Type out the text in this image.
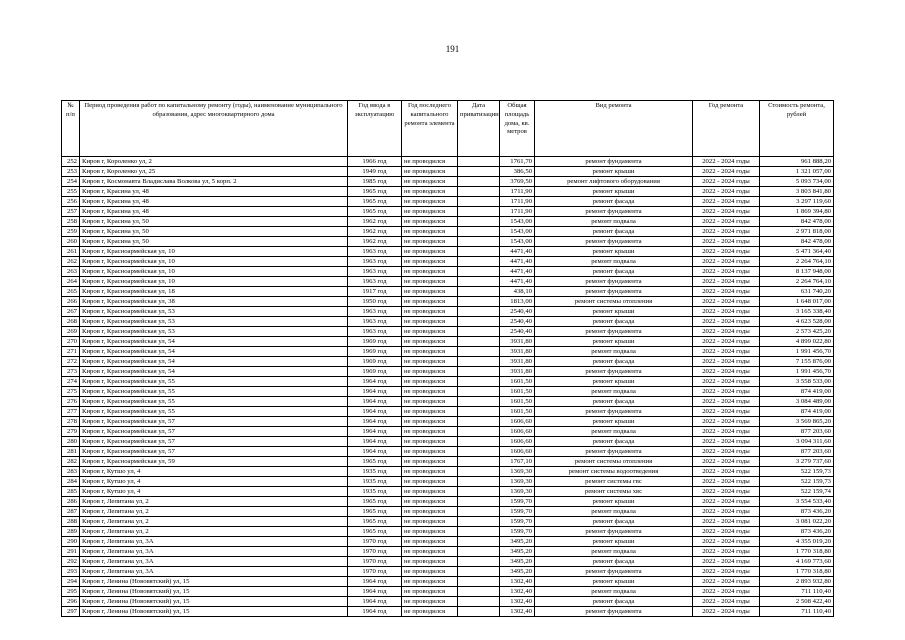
191
№ п/п	Период проведения работ по капитальному ремонту (годы), наименование муниципального образования, адрес многоквартирного дома	Год ввода в эксплуатацию	Год последнего капитального ремонта элемента	Дата приватизации	Общая площадь дома, кв. метров	Вид ремонта	Год ремонта	Стоимость ремонта, рублей
252	Киров г, Короленко ул, 2	1966 год	не проводился		1761,70	ремонт фундамента	2022 - 2024 годы	961 888,20
253	Киров г, Короленко ул, 25	1949 год	не проводился		386,50	ремонт крыши	2022 - 2024 годы	1 321 057,00
254	Киров г, Космонавта Владислава Волкова ул, 5 корп. 2	1985 год	не проводился		3769,50	ремонт лифтового оборудования	2022 - 2024 годы	5 093 734,00
255	Киров г, Красина ул, 48	1965 год	не проводился		1711,90	ремонт крыши	2022 - 2024 годы	3 803 841,80
256	Киров г, Красина ул, 48	1965 год	не проводился		1711,90	ремонт фасада	2022 - 2024 годы	3 297 119,60
257	Киров г, Красина ул, 48	1965 год	не проводился		1711,90	ремонт фундамента	2022 - 2024 годы	1 869 394,80
258	Киров г, Красина ул, 50	1962 год	не проводился		1543,00	ремонт подвала	2022 - 2024 годы	842 478,00
259	Киров г, Красина ул, 50	1962 год	не проводился		1543,00	ремонт фасада	2022 - 2024 годы	2 971 818,00
260	Киров г, Красина ул, 50	1962 год	не проводился		1543,00	ремонт фундамента	2022 - 2024 годы	842 478,00
261	Киров г, Красноармейская ул, 10	1963 год	не проводился		4471,40	ремонт крыши	2022 - 2024 годы	5 471 364,40
262	Киров г, Красноармейская ул, 10	1963 год	не проводился		4471,40	ремонт подвала	2022 - 2024 годы	2 264 764,10
263	Киров г, Красноармейская ул, 10	1963 год	не проводился		4471,40	ремонт фасада	2022 - 2024 годы	8 137 948,00
264	Киров г, Красноармейская ул, 10	1963 год	не проводился		4471,40	ремонт фундамента	2022 - 2024 годы	2 264 764,10
265	Киров г, Красноармейская ул, 18	1917 год	не проводился		438,10	ремонт фундамента	2022 - 2024 годы	631 740,20
266	Киров г, Красноармейская ул, 38	1950 год	не проводился		1813,00	ремонт системы отопления	2022 - 2024 годы	1 648 017,00
267	Киров г, Красноармейская ул, 53	1963 год	не проводился		2540,40	ремонт крыши	2022 - 2024 годы	3 165 338,40
268	Киров г, Красноармейская ул, 53	1963 год	не проводился		2540,40	ремонт фасада	2022 - 2024 годы	4 623 528,00
269	Киров г, Красноармейская ул, 53	1963 год	не проводился		2540,40	ремонт фундамента	2022 - 2024 годы	2 573 425,20
270	Киров г, Красноармейская ул, 54	1969 год	не проводился		3931,80	ремонт крыши	2022 - 2024 годы	4 899 022,80
271	Киров г, Красноармейская ул, 54	1969 год	не проводился		3931,80	ремонт подвала	2022 - 2024 годы	1 991 456,70
272	Киров г, Красноармейская ул, 54	1969 год	не проводился		3931,80	ремонт фасада	2022 - 2024 годы	7 155 876,00
273	Киров г, Красноармейская ул, 54	1969 год	не проводился		3931,80	ремонт фундамента	2022 - 2024 годы	1 991 456,70
274	Киров г, Красноармейская ул, 55	1964 год	не проводился		1601,50	ремонт крыши	2022 - 2024 годы	3 558 533,00
275	Киров г, Красноармейская ул, 55	1964 год	не проводился		1601,50	ремонт подвала	2022 - 2024 годы	874 419,00
276	Киров г, Красноармейская ул, 55	1964 год	не проводился		1601,50	ремонт фасада	2022 - 2024 годы	3 084 489,00
277	Киров г, Красноармейская ул, 55	1964 год	не проводился		1601,50	ремонт фундамента	2022 - 2024 годы	874 419,00
278	Киров г, Красноармейская ул, 57	1964 год	не проводился		1606,60	ремонт крыши	2022 - 2024 годы	3 569 865,20
279	Киров г, Красноармейская ул, 57	1964 год	не проводился		1606,60	ремонт подвала	2022 - 2024 годы	877 203,60
280	Киров г, Красноармейская ул, 57	1964 год	не проводился		1606,60	ремонт фасада	2022 - 2024 годы	3 094 311,60
281	Киров г, Красноармейская ул, 57	1964 год	не проводился		1606,60	ремонт фундамента	2022 - 2024 годы	877 203,60
282	Киров г, Красноармейская ул, 59	1965 год	не проводился		1767,10	ремонт системы отопления	2022 - 2024 годы	3 279 737,60
283	Киров г, Кутшо ул, 4	1935 год	не проводился		1369,30	ремонт системы водоотведения	2022 - 2024 годы	522 159,73
284	Киров г, Кутшо ул, 4	1935 год	не проводился		1369,30	ремонт системы гвс	2022 - 2024 годы	522 159,73
285	Киров г, Кутшо ул, 4	1935 год	не проводился		1369,30	ремонт системы хвс	2022 - 2024 годы	522 159,74
286	Киров г, Лепитана ул, 2	1965 год	не проводился		1599,70	ремонт крыши	2022 - 2024 годы	3 554 533,40
287	Киров г, Лепитана ул, 2	1965 год	не проводился		1599,70	ремонт подвала	2022 - 2024 годы	873 436,20
288	Киров г, Лепитана ул, 2	1965 год	не проводился		1599,70	ремонт фасада	2022 - 2024 годы	3 081 022,20
289	Киров г, Лепитана ул, 2	1965 год	не проводился		1599,70	ремонт фундамента	2022 - 2024 годы	873 436,20
290	Киров г, Лепитана ул, 3А	1970 год	не проводился		3495,20	ремонт крыши	2022 - 2024 годы	4 355 019,20
291	Киров г, Лепитана ул, 3А	1970 год	не проводился		3495,20	ремонт подвала	2022 - 2024 годы	1 770 318,80
292	Киров г, Лепитана ул, 3А	1970 год	не проводился		3495,20	ремонт фасада	2022 - 2024 годы	4 169 773,60
293	Киров г, Лепитана ул, 3А	1970 год	не проводился		3495,20	ремонт фундамента	2022 - 2024 годы	1 770 318,80
294	Киров г, Ленина (Нововятский) ул, 15	1964 год	не проводился		1302,40	ремонт крыши	2022 - 2024 годы	2 893 932,80
295	Киров г, Ленина (Нововятский) ул, 15	1964 год	не проводился		1302,40	ремонт подвала	2022 - 2024 годы	711 110,40
296	Киров г, Ленина (Нововятский) ул, 15	1964 год	не проводился		1302,40	ремонт фасада	2022 - 2024 годы	2 508 422,40
297	Киров г, Ленина (Нововятский) ул, 15	1964 год	не проводился		1302,40	ремонт фундамента	2022 - 2024 годы	711 110,40
